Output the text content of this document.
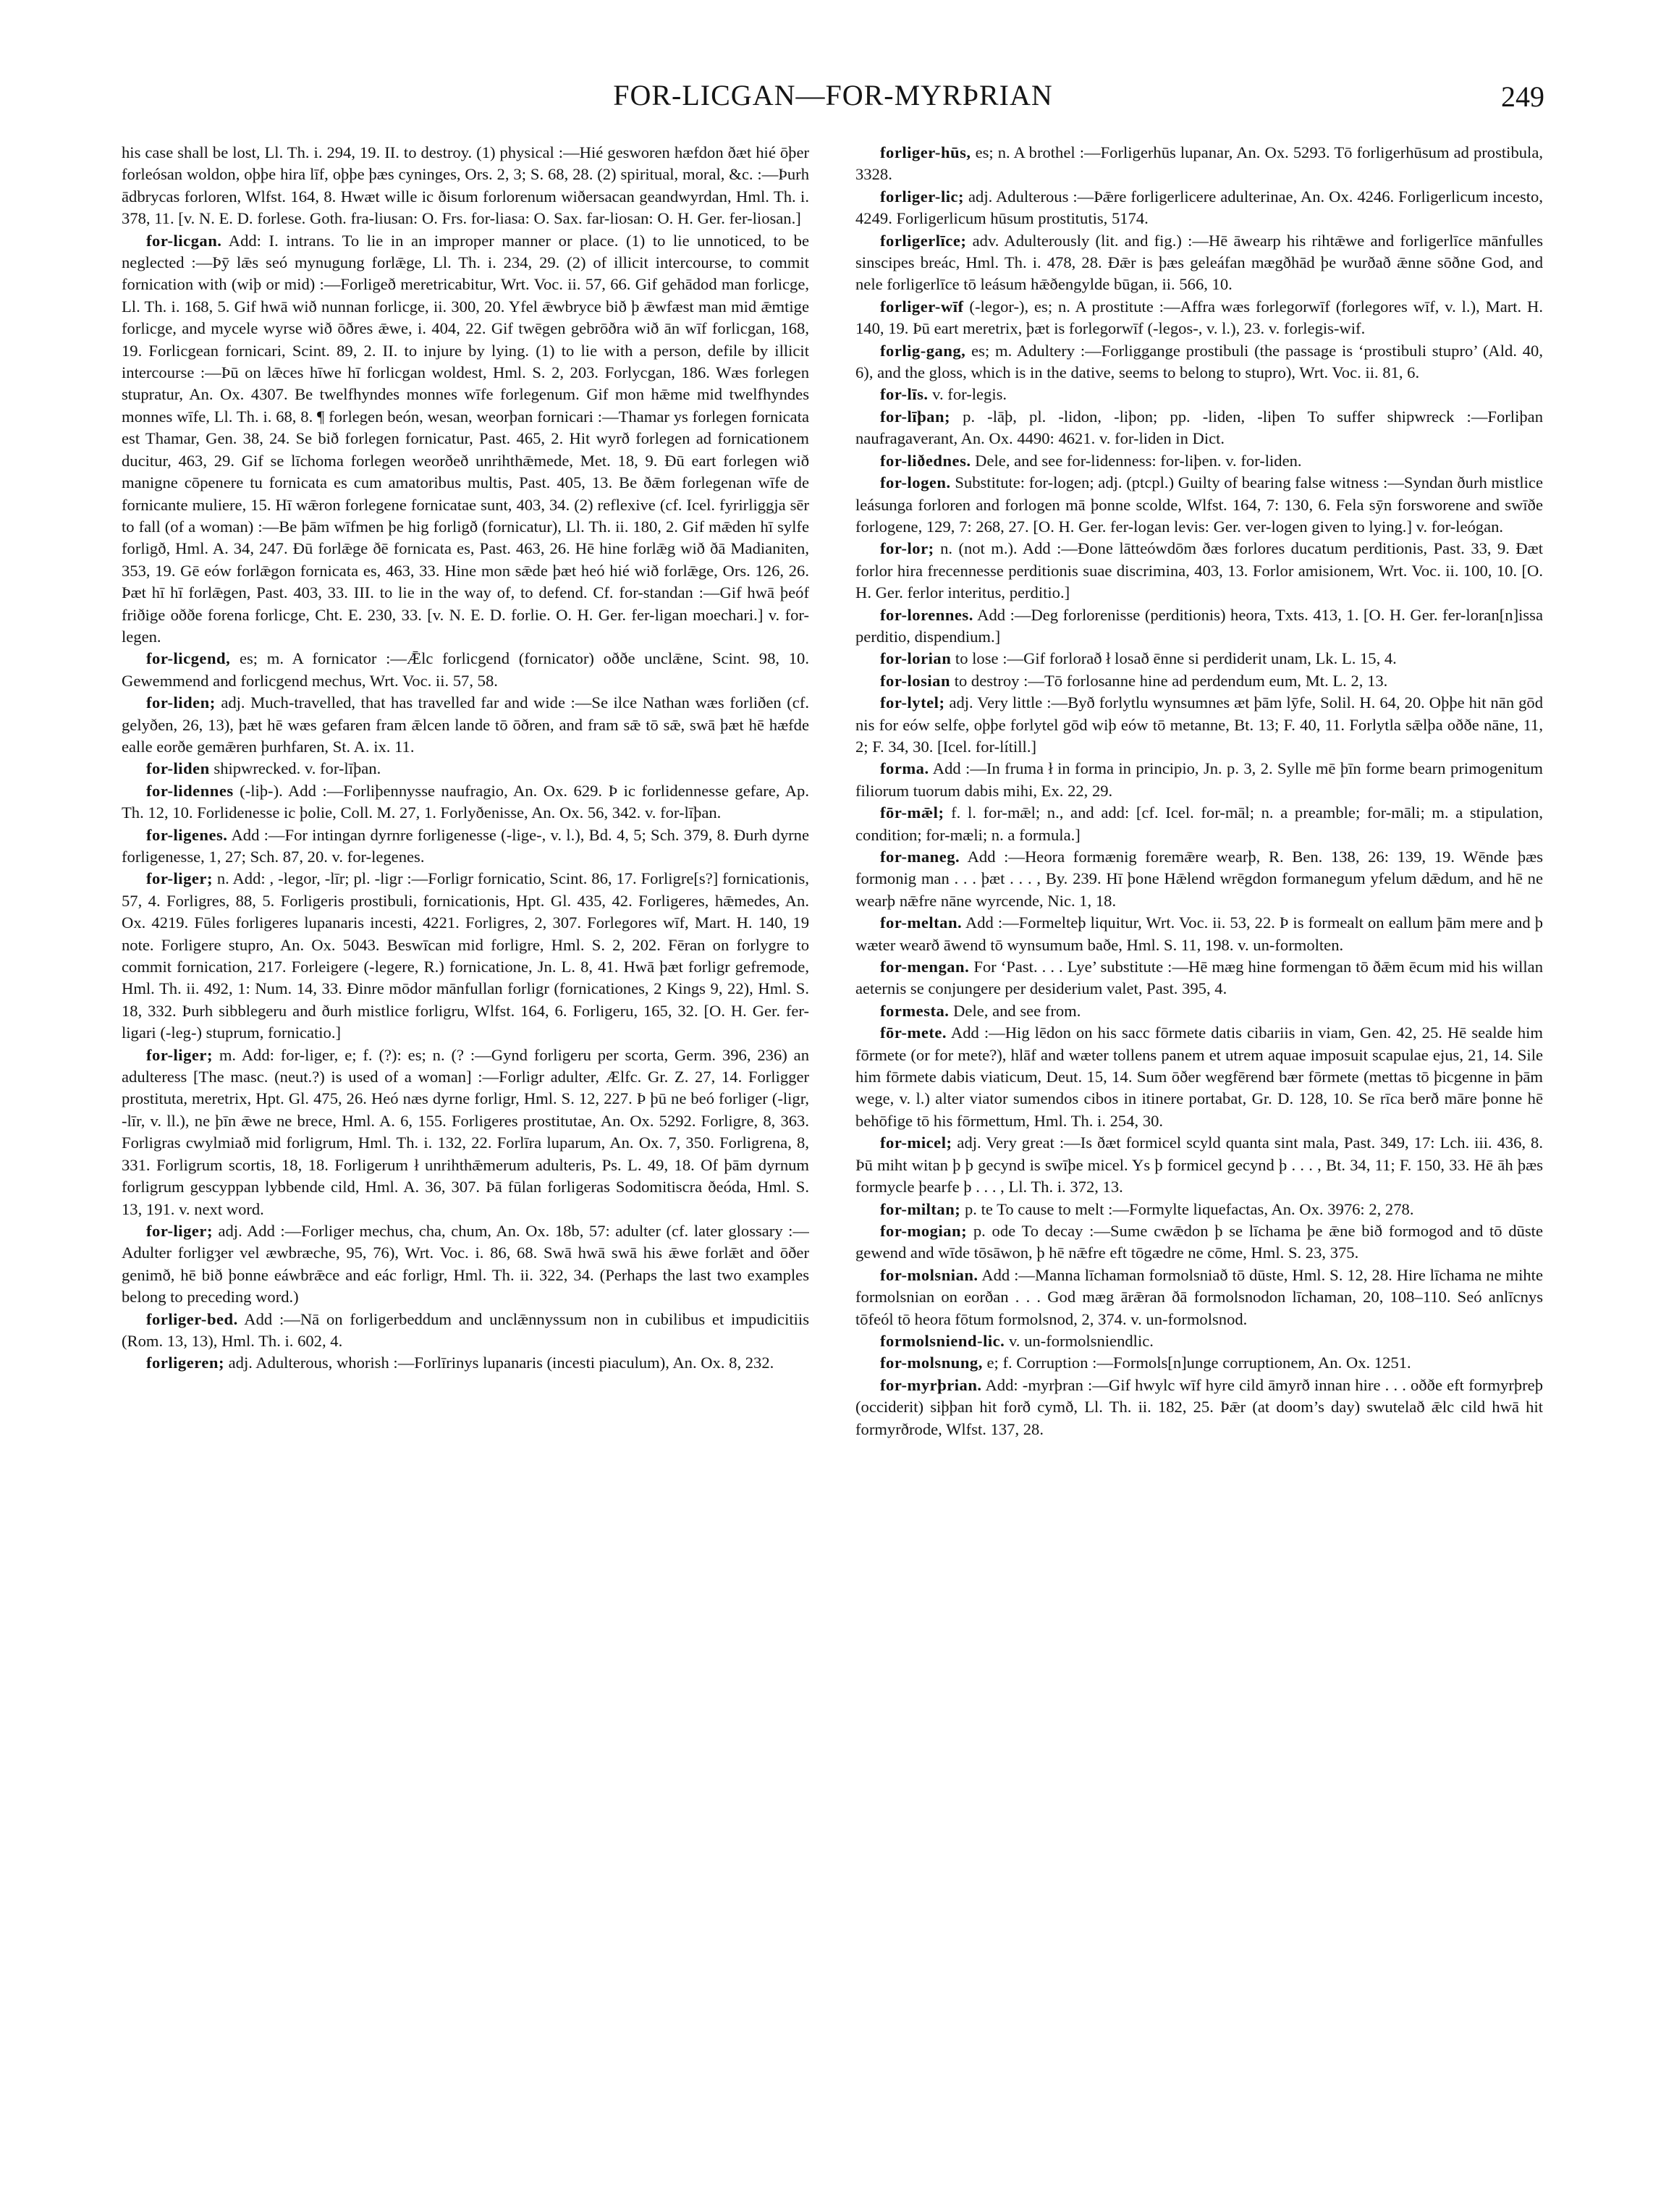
FOR-LICGAN—FOR-MYRÞRIAN	249

his case shall be lost, Ll. Th. i. 294, 19. II. to destroy. (1) physical :—Hié gesworen hæfdon ðæt hié ōþer forleósan woldon, oþþe hira līf, oþþe þæs cyninges, Ors. 2, 3; S. 68, 28. (2) spiritual, moral, &c. :—Þurh ādbrycas forloren, Wlfst. 164, 8. Hwæt wille ic ðisum forlorenum wiðersacan geandwyrdan, Hml. Th. i. 378, 11. [v. N. E. D. forlese. Goth. fra-liusan: O. Frs. for-liasa: O. Sax. far-liosan: O. H. Ger. fer-liosan.]

for-licgan. Add: I. intrans. To lie in an improper manner or place. (1) to lie unnoticed, to be neglected :—Þȳ lǣs seó mynugung forlǣge, Ll. Th. i. 234, 29. (2) of illicit intercourse, to commit fornication with (wiþ or mid) :—Forligeð meretricabitur, Wrt. Voc. ii. 57, 66. Gif gehādod man forlicge, Ll. Th. i. 168, 5. Gif hwā wið nunnan forlicge, ii. 300, 20. Yfel ǣwbryce bið þ ǣwfæst man mid ǣmtige forlicge, and mycele wyrse wið ōðres ǣwe, i. 404, 22. Gif twēgen gebrōðra wið ān wīf forlicgan, 168, 19. Forlicgean fornicari, Scint. 89, 2. II. to injure by lying. (1) to lie with a person, defile by illicit intercourse :—Þū on lǣces hīwe hī forlicgan woldest, Hml. S. 2, 203. Forlycgan, 186. Wæs forlegen stupratur, An. Ox. 4307. Be twelfhyndes monnes wīfe forlegenum. Gif mon hǣme mid twelfhyndes monnes wīfe, Ll. Th. i. 68, 8. ¶ forlegen beón, wesan, weorþan fornicari :—Thamar ys forlegen fornicata est Thamar, Gen. 38, 24. Se bið forlegen fornicatur, Past. 465, 2. Hit wyrð forlegen ad fornicationem ducitur, 463, 29. Gif se līchoma forlegen weorðeð unrihthǣmede, Met. 18, 9. Ðū eart forlegen wið manigne cōpenere tu fornicata es cum amatoribus multis, Past. 405, 13. Be ðǣm forlegenan wīfe de fornicante muliere, 15. Hī wǣron forlegene fornicatae sunt, 403, 34. (2) reflexive (cf. Icel. fyrirliggja sēr to fall (of a woman) :—Be þām wīfmen þe hig forligð (fornicatur), Ll. Th. ii. 180, 2. Gif mǣden hī sylfe forligð, Hml. A. 34, 247. Ðū forlǣge ðē fornicata es, Past. 463, 26. Hē hine forlǣg wið ðā Madianiten, 353, 19. Gē eów forlǣgon fornicata es, 463, 33. Hine mon sǣde þæt heó hié wið forlǣge, Ors. 126, 26. Þæt hī hī forlǣgen, Past. 403, 33. III. to lie in the way of, to defend. Cf. for-standan :—Gif hwā þeóf friðige oððe forena forlicge, Cht. E. 230, 33. [v. N. E. D. forlie. O. H. Ger. fer-ligan moechari.] v. for-legen.

for-licgend, es; m. A fornicator :—Ǣlc forlicgend (fornicator) oððe unclǣne, Scint. 98, 10. Gewemmend and forlicgend mechus, Wrt. Voc. ii. 57, 58.

for-liden; adj. Much-travelled, that has travelled far and wide :—Se ilce Nathan wæs forliðen (cf. gelyðen, 26, 13), þæt hē wæs gefaren fram ǣlcen lande tō ōðren, and fram sǣ tō sǣ, swā þæt hē hæfde ealle eorðe gemǣren þurhfaren, St. A. ix. 11.

for-liden shipwrecked. v. for-līþan.

for-lidennes (-liþ-). Add :—Forliþennysse naufragio, An. Ox. 629. Þ ic forlidennesse gefare, Ap. Th. 12, 10. Forlidenesse ic þolie, Coll. M. 27, 1. Forlyðenisse, An. Ox. 56, 342. v. for-līþan.

for-ligenes. Add :—For intingan dyrnre forligenesse (-lige-, v. l.), Bd. 4, 5; Sch. 379, 8. Ðurh dyrne forligenesse, 1, 27; Sch. 87, 20. v. for-legenes.

for-liger; n. Add: , -legor, -līr; pl. -ligr :—Forligr fornicatio, Scint. 86, 17. Forligre[s?] fornicationis, 57, 4. Forligres, 88, 5. Forligeris prostibuli, fornicationis, Hpt. Gl. 435, 42. Forligeres, hǣmedes, An. Ox. 4219. Fūles forligeres lupanaris incesti, 4221. Forligres, 2, 307. Forlegores wīf, Mart. H. 140, 19 note. Forligere stupro, An. Ox. 5043. Beswīcan mid forligre, Hml. S. 2, 202. Fēran on forlygre to commit fornication, 217. Forleigere (-legere, R.) fornicatione, Jn. L. 8, 41. Hwā þæt forligr gefremode, Hml. Th. ii. 492, 1: Num. 14, 33. Ðinre mōdor mānfullan forligr (fornicationes, 2 Kings 9, 22), Hml. S. 18, 332. Þurh sibblegeru and ðurh mistlice forligru, Wlfst. 164, 6. Forligeru, 165, 32. [O. H. Ger. fer-ligari (-leg-) stuprum, fornicatio.]

for-liger; m. Add: for-liger, e; f. (?): es; n. (? :—Gynd forligeru per scorta, Germ. 396, 236) an adulteress [The masc. (neut.?) is used of a woman] :—Forligr adulter, Ælfc. Gr. Z. 27, 14. Forligger prostituta, meretrix, Hpt. Gl. 475, 26. Heó næs dyrne forligr, Hml. S. 12, 227. Þ þū ne beó forliger (-ligr, -līr, v. ll.), ne þīn ǣwe ne brece, Hml. A. 6, 155. Forligeres prostitutae, An. Ox. 5292. Forligre, 8, 363. Forligras cwylmiað mid forligrum, Hml. Th. i. 132, 22. Forlīra luparum, An. Ox. 7, 350. Forligrena, 8, 331. Forligrum scortis, 18, 18. Forligerum ł unrihthǣmerum adulteris, Ps. L. 49, 18. Of þām dyrnum forligrum gescyppan lybbende cild, Hml. A. 36, 307. Þā fūlan forligeras Sodomitiscra ðeóda, Hml. S. 13, 191. v. next word.

for-liger; adj. Add :—Forliger mechus, cha, chum, An. Ox. 18b, 57: adulter (cf. later glossary :—Adulter forligȝer vel æwbræche, 95, 76), Wrt. Voc. i. 86, 68. Swā hwā swā his ǣwe forlǣt and ōðer genimð, hē bið þonne eáwbrǣce and eác forligr, Hml. Th. ii. 322, 34. (Perhaps the last two examples belong to preceding word.)

forliger-bed. Add :—Nā on forligerbeddum and unclǣnnyssum non in cubilibus et impudicitiis (Rom. 13, 13), Hml. Th. i. 602, 4.

forligeren; adj. Adulterous, whorish :—Forlīrinys lupanaris (incesti piaculum), An. Ox. 8, 232.

forliger-hūs, es; n. A brothel :—Forligerhūs lupanar, An. Ox. 5293. Tō forligerhūsum ad prostibula, 3328.

forliger-lic; adj. Adulterous :—Þǣre forligerlicere adulterinae, An. Ox. 4246. Forligerlicum incesto, 4249. Forligerlicum hūsum prostitutis, 5174.

forligerlīce; adv. Adulterously (lit. and fig.) :—Hē āwearp his rihtǣwe and forligerlīce mānfulles sinscipes breác, Hml. Th. i. 478, 28. Ðǣr is þæs geleáfan mægðhād þe wurðað ǣnne sōðne God, and nele forligerlīce tō leásum hǣðengylde būgan, ii. 566, 10.

forliger-wīf (-legor-), es; n. A prostitute :—Affra wæs forlegorwīf (forlegores wīf, v. l.), Mart. H. 140, 19. Þū eart meretrix, þæt is forlegorwīf (-legos-, v. l.), 23. v. forlegis-wif.

forlig-gang, es; m. Adultery :—Forliggange prostibuli (the passage is ‘prostibuli stupro’ (Ald. 40, 6), and the gloss, which is in the dative, seems to belong to stupro), Wrt. Voc. ii. 81, 6.

for-līs. v. for-legis.

for-līþan; p. -lāþ, pl. -lidon, -liþon; pp. -liden, -liþen To suffer shipwreck :—Forliþan naufragaverant, An. Ox. 4490: 4621. v. for-liden in Dict.

for-liðednes. Dele, and see for-lidenness: for-liþen. v. for-liden.

for-logen. Substitute: for-logen; adj. (ptcpl.) Guilty of bearing false witness :—Syndan ðurh mistlice leásunga forloren and forlogen mā þonne scolde, Wlfst. 164, 7: 130, 6. Fela sȳn forsworene and swīðe forlogene, 129, 7: 268, 27. [O. H. Ger. fer-logan levis: Ger. ver-logen given to lying.] v. for-leógan.

for-lor; n. (not m.). Add :—Ðone lātteówdōm ðæs forlores ducatum perditionis, Past. 33, 9. Ðæt forlor hira frecennesse perditionis suae discrimina, 403, 13. Forlor amisionem, Wrt. Voc. ii. 100, 10. [O. H. Ger. ferlor interitus, perditio.]

for-lorennes. Add :—Deg forlorenisse (perditionis) heora, Txts. 413, 1. [O. H. Ger. fer-loran[n]issa perditio, dispendium.]

for-lorian to lose :—Gif forlorað ł losað ēnne si perdiderit unam, Lk. L. 15, 4.

for-losian to destroy :—Tō forlosanne hine ad perdendum eum, Mt. L. 2, 13.

for-lytel; adj. Very little :—Byð forlytlu wynsumnes æt þām lȳfe, Solil. H. 64, 20. Oþþe hit nān gōd nis for eów selfe, oþþe forlytel gōd wiþ eów tō metanne, Bt. 13; F. 40, 11. Forlytla sǣlþa oððe nāne, 11, 2; F. 34, 30. [Icel. for-lítill.]

forma. Add :—In fruma ł in forma in principio, Jn. p. 3, 2. Sylle mē þīn forme bearn primogenitum filiorum tuorum dabis mihi, Ex. 22, 29.

fōr-mǣl; f. l. for-mǣl; n., and add: [cf. Icel. for-māl; n. a preamble; for-māli; m. a stipulation, condition; for-mæli; n. a formula.]

for-maneg. Add :—Heora formænig foremǣre wearþ, R. Ben. 138, 26: 139, 19. Wēnde þæs formonig man . . . þæt . . . , By. 239. Hī þone Hǣlend wrēgdon formanegum yfelum dǣdum, and hē ne wearþ nǣfre nāne wyrcende, Nic. 1, 18.

for-meltan. Add :—Formelteþ liquitur, Wrt. Voc. ii. 53, 22. Þ is formealt on eallum þām mere and þ wæter wearð āwend tō wynsumum baðe, Hml. S. 11, 198. v. un-formolten.

for-mengan. For ‘Past. . . . Lye’ substitute :—Hē mæg hine formengan tō ðǣm ēcum mid his willan aeternis se conjungere per desiderium valet, Past. 395, 4.

formesta. Dele, and see from.

fōr-mete. Add :—Hig lēdon on his sacc fōrmete datis cibariis in viam, Gen. 42, 25. Hē sealde him fōrmete (or for mete?), hlāf and wæter tollens panem et utrem aquae imposuit scapulae ejus, 21, 14. Sile him fōrmete dabis viaticum, Deut. 15, 14. Sum ōðer wegfērend bær fōrmete (mettas tō þicgenne in þām wege, v. l.) alter viator sumendos cibos in itinere portabat, Gr. D. 128, 10. Se rīca berð māre þonne hē behōfige tō his fōrmettum, Hml. Th. i. 254, 30.

for-micel; adj. Very great :—Is ðæt formicel scyld quanta sint mala, Past. 349, 17: Lch. iii. 436, 8. Þū miht witan þ þ gecynd is swīþe micel. Ys þ formicel gecynd þ . . . , Bt. 34, 11; F. 150, 33. Hē āh þæs formycle þearfe þ . . . , Ll. Th. i. 372, 13.

for-miltan; p. te To cause to melt :—Formylte liquefactas, An. Ox. 3976: 2, 278.

for-mogian; p. ode To decay :—Sume cwǣdon þ se līchama þe ǣne bið formogod and tō dūste gewend and wīde tōsāwon, þ hē nǣfre eft tōgædre ne cōme, Hml. S. 23, 375.

for-molsnian. Add :—Manna līchaman formolsniað tō dūste, Hml. S. 12, 28. Hire līchama ne mihte formolsnian on eorðan . . . God mæg ārǣran ðā formolsnodon līchaman, 20, 108–110. Seó anlīcnys tōfeól tō heora fōtum formolsnod, 2, 374. v. un-formolsnod.

formolsniend-lic. v. un-formolsniendlic.

for-molsnung, e; f. Corruption :—Formols[n]unge corruptionem, An. Ox. 1251.

for-myrþrian. Add: -myrþran :—Gif hwylc wīf hyre cild āmyrð innan hire . . . oððe eft formyrþreþ (occiderit) siþþan hit forð cymð, Ll. Th. ii. 182, 25. Þǣr (at doom’s day) swutelað ǣlc cild hwā hit formyrðrode, Wlfst. 137, 28.
